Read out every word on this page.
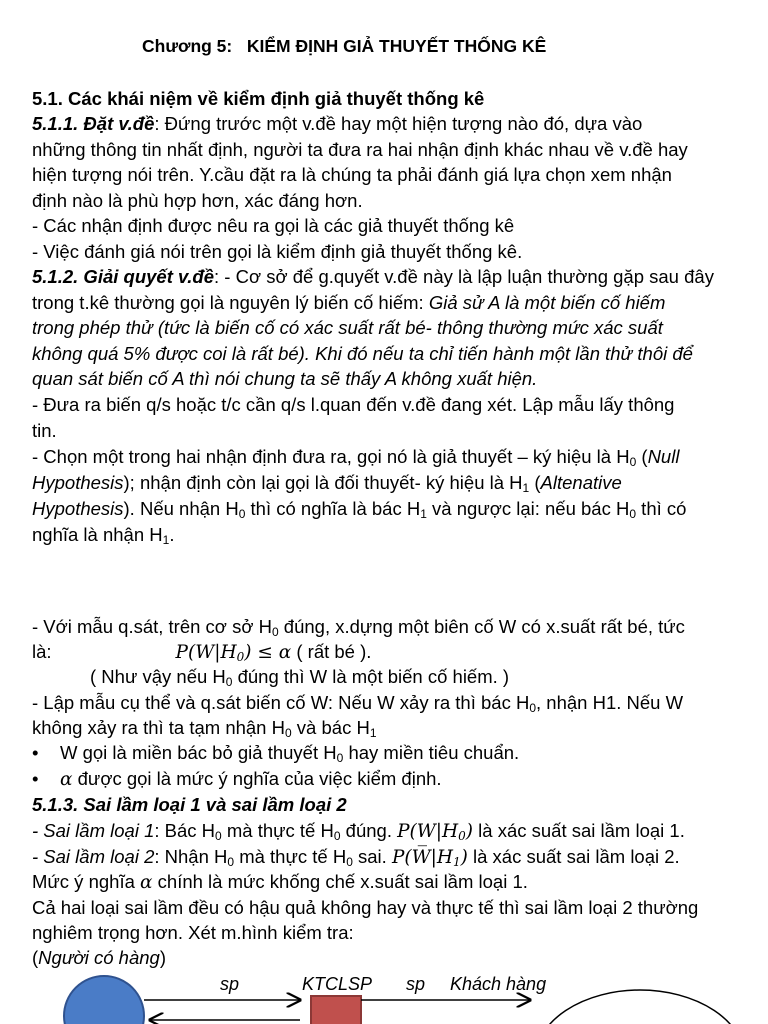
Chương 5:   KIỂM ĐỊNH GIẢ THUYẾT THỐNG KÊ
5.1. Các khái niệm về kiểm định giả thuyết thống kê
5.1.1. Đặt v.đề: Đứng trước một v.đề hay một hiện tượng nào đó, dựa vào
những thông tin nhất định, người ta đưa ra hai nhận định khác nhau về v.đề hay
hiện tượng nói trên. Y.cầu đặt ra là chúng ta phải đánh giá lựa chọn xem nhận
định nào là phù hợp hơn, xác đáng hơn.
- Các nhận định được nêu ra gọi là các giả thuyết thống kê
- Việc đánh giá nói trên gọi là kiểm định giả thuyết thống kê.
5.1.2. Giải quyết v.đề: - Cơ sở để g.quyết v.đề này là lập luận thường gặp sau đây
trong t.kê thường gọi là nguyên lý biến cố hiếm: Giả sử A là một biến cố hiếm
trong phép thử (tức là biến cố có xác suất rất bé- thông thường mức xác suất
không quá 5% được coi là rất bé). Khi đó nếu ta chỉ tiến hành một lần thử thôi để
quan sát biến cố A thì nói chung ta sẽ thấy A không xuất hiện.
- Đưa ra biến q/s hoặc t/c cần q/s l.quan đến v.đề đang xét. Lập mẫu lấy thông
tin.
- Chọn một trong hai nhận định đưa ra, gọi nó là giả thuyết – ký hiệu là $H_0$ (Null
Hypothesis); nhận định còn lại gọi là đối thuyết- ký hiệu là $H_1$ (Altenative
Hypothesis). Nếu nhận $H_0$ thì có nghĩa là bác $H_1$ và ngược lại: nếu bác $H_0$ thì có
nghĩa là nhận $H_1$.
- Với mẫu q.sát, trên cơ sở $H_0$ đúng, x.dựng một biên cố W có x.suất rất bé, tức
là:	$P(W|H_0) \le \alpha$ ( rất bé ).
( Như vậy nếu $H_0$ đúng thì W là một biến cố hiếm. )
- Lập mẫu cụ thể và q.sát biến cố W: Nếu W xảy ra thì bác $H_0$, nhận H1. Nếu W
không xảy ra thì ta tạm nhận $H_0$ và bác $H_1$
• W gọi là miền bác bỏ giả thuyết $H_0$ hay miền tiêu chuẩn.
• α được gọi là mức ý nghĩa của việc kiểm định.
5.1.3. Sai lầm loại 1 và sai lầm loại 2
- Sai lầm loại 1: Bác $H_0$ mà thực tế $H_0$ đúng. $P(W|H_0)$ là xác suất sai lầm loại 1.
- Sai lầm loại 2: Nhận $H_0$ mà thực tế $H_0$ sai. $P(W̅|H_1)$ là xác suất sai lầm loại 2.
Mức ý nghĩa α chính là mức khống chế x.suất sai lầm loại 1.
Cả hai loại sai lầm đều có hậu quả không hay và thực tế thì sai lầm loại 2 thường
nghiêm trọng hơn. Xét m.hình kiểm tra:
(Người có hàng)
sp	KTCLSP sp Khách hàng
